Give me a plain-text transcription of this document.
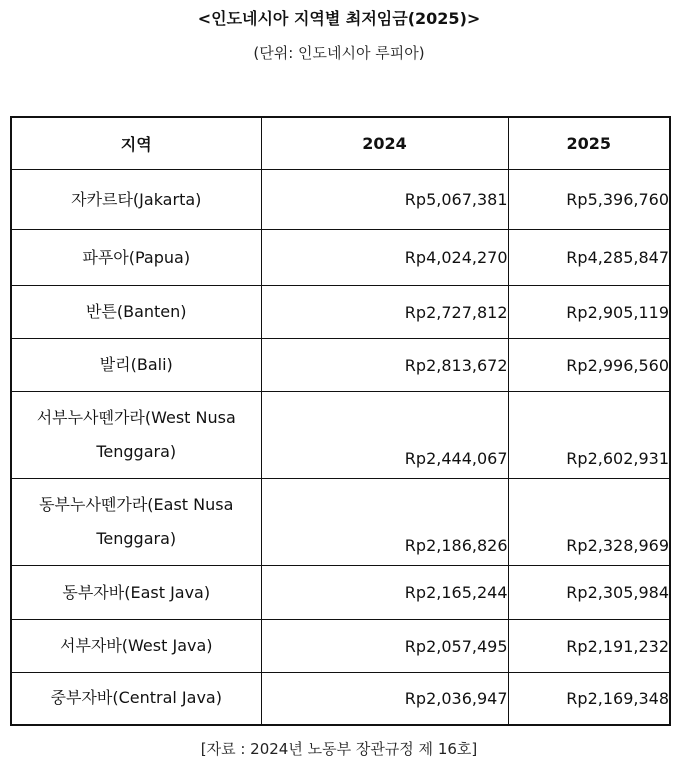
<인도네시아 지역별 최저임금(2025)>
(단위: 인도네시아 루피아)
지역	2024	2025
자카르타(Jakarta)	Rp5,067,381	Rp5,396,760
파푸아(Papua)	Rp4,024,270	Rp4,285,847
반튼(Banten)	Rp2,727,812	Rp2,905,119
발리(Bali)	Rp2,813,672	Rp2,996,560
서부누사뗀가라(West Nusa Tenggara)	Rp2,444,067	Rp2,602,931
동부누사뗀가라(East Nusa Tenggara)	Rp2,186,826	Rp2,328,969
동부자바(East Java)	Rp2,165,244	Rp2,305,984
서부자바(West Java)	Rp2,057,495	Rp2,191,232
중부자바(Central Java)	Rp2,036,947	Rp2,169,348
[자료 : 2024년 노동부 장관규정 제 16호]
